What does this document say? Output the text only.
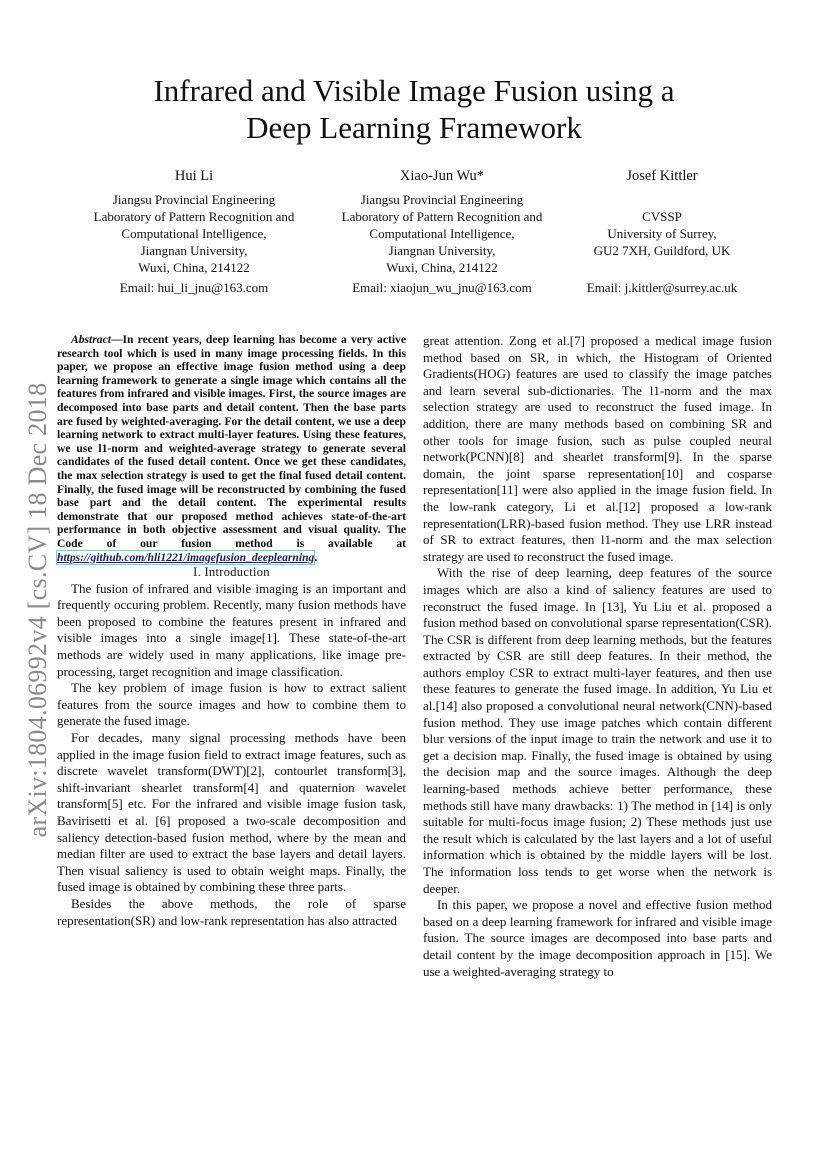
arXiv:1804.06992v4 [cs.CV] 18 Dec 2018
Infrared and Visible Image Fusion using a Deep Learning Framework
Hui Li
Jiangsu Provincial Engineering
Laboratory of Pattern Recognition and
Computational Intelligence,
Jiangnan University,
Wuxi, China, 214122
Email: hui_li_jnu@163.com
Xiao-Jun Wu*
Jiangsu Provincial Engineering
Laboratory of Pattern Recognition and
Computational Intelligence,
Jiangnan University,
Wuxi, China, 214122
Email: xiaojun_wu_jnu@163.com
Josef Kittler
CVSSP
University of Surrey,
GU2 7XH, Guildford, UK
Email: j.kittler@surrey.ac.uk

Abstract—In recent years, deep learning has become a very active research tool which is used in many image processing fields. In this paper, we propose an effective image fusion method using a deep learning framework to generate a single image which contains all the features from infrared and visible images. First, the source images are decomposed into base parts and detail content. Then the base parts are fused by weighted-averaging. For the detail content, we use a deep learning network to extract multi-layer features. Using these features, we use l1-norm and weighted-average strategy to generate several candidates of the fused detail content. Once we get these candidates, the max selection strategy is used to get the final fused detail content. Finally, the fused image will be reconstructed by combining the fused base part and the detail content. The experimental results demonstrate that our proposed method achieves state-of-the-art performance in both objective assessment and visual quality. The Code of our fusion method is available at https://github.com/hli1221/imagefusion_deeplearning.

I. Introduction

The fusion of infrared and visible imaging is an important and frequently occuring problem. Recently, many fusion methods have been proposed to combine the features present in infrared and visible images into a single image[1]. These state-of-the-art methods are widely used in many applications, like image pre-processing, target recognition and image classification.

The key problem of image fusion is how to extract salient features from the source images and how to combine them to generate the fused image.

For decades, many signal processing methods have been applied in the image fusion field to extract image features, such as discrete wavelet transform(DWT)[2], contourlet transform[3], shift-invariant shearlet transform[4] and quaternion wavelet transform[5] etc. For the infrared and visible image fusion task, Bavirisetti et al. [6] proposed a two-scale decomposition and saliency detection-based fusion method, where by the mean and median filter are used to extract the base layers and detail layers. Then visual saliency is used to obtain weight maps. Finally, the fused image is obtained by combining these three parts.

Besides the above methods, the role of sparse representation(SR) and low-rank representation has also attracted

great attention. Zong et al.[7] proposed a medical image fusion method based on SR, in which, the Histogram of Oriented Gradients(HOG) features are used to classify the image patches and learn several sub-dictionaries. The l1-norm and the max selection strategy are used to reconstruct the fused image. In addition, there are many methods based on combining SR and other tools for image fusion, such as pulse coupled neural network(PCNN)[8] and shearlet transform[9]. In the sparse domain, the joint sparse representation[10] and cosparse representation[11] were also applied in the image fusion field. In the low-rank category, Li et al.[12] proposed a low-rank representation(LRR)-based fusion method. They use LRR instead of SR to extract features, then l1-norm and the max selection strategy are used to reconstruct the fused image.

With the rise of deep learning, deep features of the source images which are also a kind of saliency features are used to reconstruct the fused image. In [13], Yu Liu et al. proposed a fusion method based on convolutional sparse representation(CSR). The CSR is different from deep learning methods, but the features extracted by CSR are still deep features. In their method, the authors employ CSR to extract multi-layer features, and then use these features to generate the fused image. In addition, Yu Liu et al.[14] also proposed a convolutional neural network(CNN)-based fusion method. They use image patches which contain different blur versions of the input image to train the network and use it to get a decision map. Finally, the fused image is obtained by using the decision map and the source images. Although the deep learning-based methods achieve better performance, these methods still have many drawbacks: 1) The method in [14] is only suitable for multi-focus image fusion; 2) These methods just use the result which is calculated by the last layers and a lot of useful information which is obtained by the middle layers will be lost. The information loss tends to get worse when the network is deeper.

In this paper, we propose a novel and effective fusion method based on a deep learning framework for infrared and visible image fusion. The source images are decomposed into base parts and detail content by the image decomposition approach in [15]. We use a weighted-averaging strategy to
